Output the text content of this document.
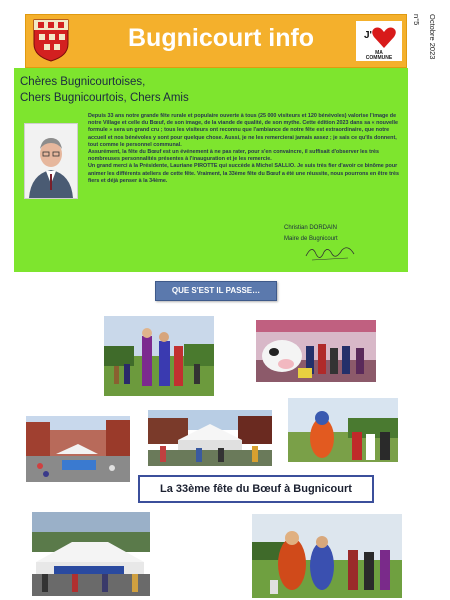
Bugnicourt info	J'
MA
COMMUNE	Octobre 2023
n°5
Chères Bugnicourtoises,
Chers Bugnicourtois, Chers Amis

Depuis 33 ans notre grande fête rurale et populaire ouverte à tous (25 000 visiteurs et 120 bénévoles) valorise l'image de notre Village et celle du Bœuf, de son image, de la viande de qualité, de son mythe. Cette édition 2023 dans sa « nouvelle formule » sera un grand cru ; tous les visiteurs ont reconnu que l'ambiance de notre fête est extraordinaire, que notre accueil et nos bénévoles y sont pour quelque chose. Aussi, je ne les remercierai jamais assez ; je sais ce qu'ils donnent, tout comme le personnel communal.

Assurément, la fête du Bœuf est un événement à ne pas rater, pour s'en convaincre, il suffisait d'observer les très nombreuses personnalités présentes à l'inauguration et je les remercie.

Un grand merci à la Présidente, Lauriane PIROTTE qui succède à Michel SALLIO. Je suis très fier d'avoir ce binôme pour animer les différents ateliers de cette fête. Vraiment, la 33ème fête du Bœuf a été une réussite, nous pourrons en être très fiers et déjà penser à la 34ème.

Christian DORDAIN
Maire de Bugnicourt
QUE S'EST IL PASSE…
La 33ème fête du Bœuf à Bugnicourt
